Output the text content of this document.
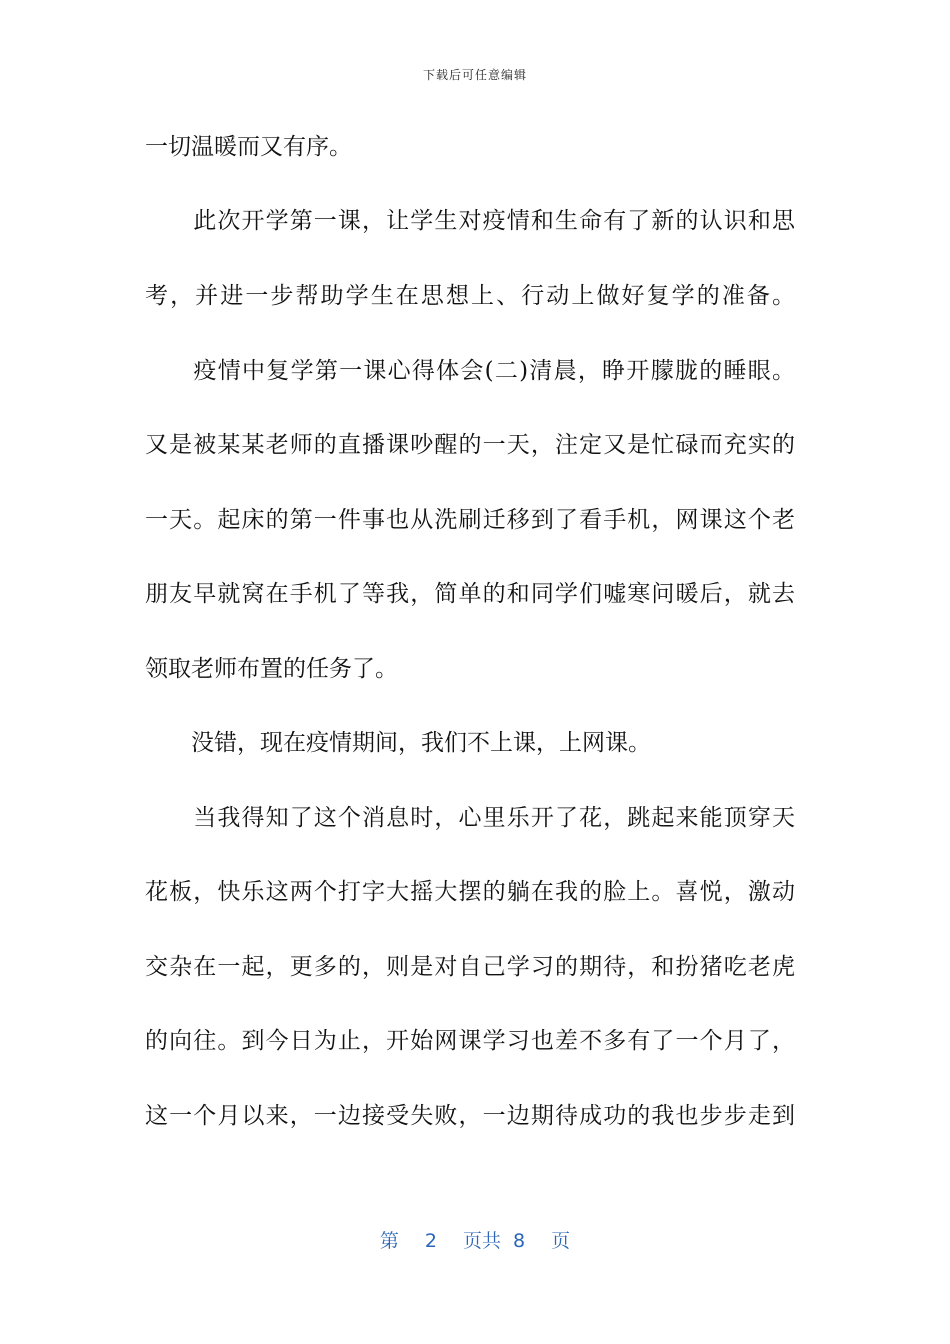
下载后可任意编辑
一切温暖而又有序。
　　此次开学第一课，让学生对疫情和生命有了新的认识和思
考，并进一步帮助学生在思想上、行动上做好复学的准备。
　　疫情中复学第一课心得体会(二)清晨，睁开朦胧的睡眼。
又是被某某老师的直播课吵醒的一天，注定又是忙碌而充实的
一天。起床的第一件事也从洗刷迁移到了看手机，网课这个老
朋友早就窝在手机了等我，简单的和同学们嘘寒问暖后，就去
领取老师布置的任务了。
　　没错，现在疫情期间，我们不上课，上网课。
　　当我得知了这个消息时，心里乐开了花，跳起来能顶穿天
花板，快乐这两个打字大摇大摆的躺在我的脸上。喜悦，激动
交杂在一起，更多的，则是对自己学习的期待，和扮猪吃老虎
的向往。到今日为止，开始网课学习也差不多有了一个月了，
这一个月以来，一边接受失败，一边期待成功的我也步步走到
第 2 页共 8 页
